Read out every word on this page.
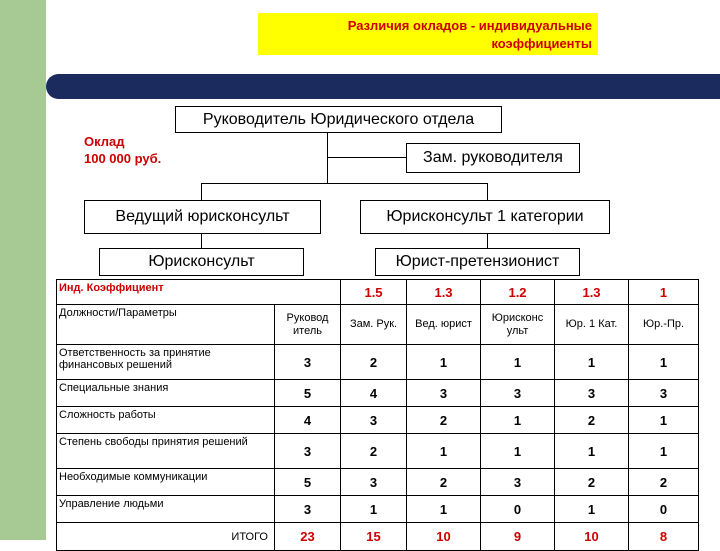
Различия окладов - индивидуальные
коэффициенты
Руководитель Юридического отдела
Оклад
100 000 руб.	Зам. руководителя
Ведущий юрисконсульт	Юрисконсульт 1 категории
Юрисконсульт	Юрист-претензионист
Инд. Коэффициент		1.5	1.3	1.2	1.3	1
Должности/Параметры	Руковод итель	Зам. Рук.	Вед. юрист	Юрисконс ульт	Юр. 1 Кат.	Юр.-Пр.
Ответственность за принятие финансовых решений	3	2	1	1	1	1
Специальные знания	5	4	3	3	3	3
Сложность работы	4	3	2	1	2	1
Степень свободы принятия решений	3	2	1	1	1	1
Необходимые коммуникации	5	3	2	3	2	2
Управление людьми	3	1	1	0	1	0
ИТОГО	23	15	10	9	10	8
